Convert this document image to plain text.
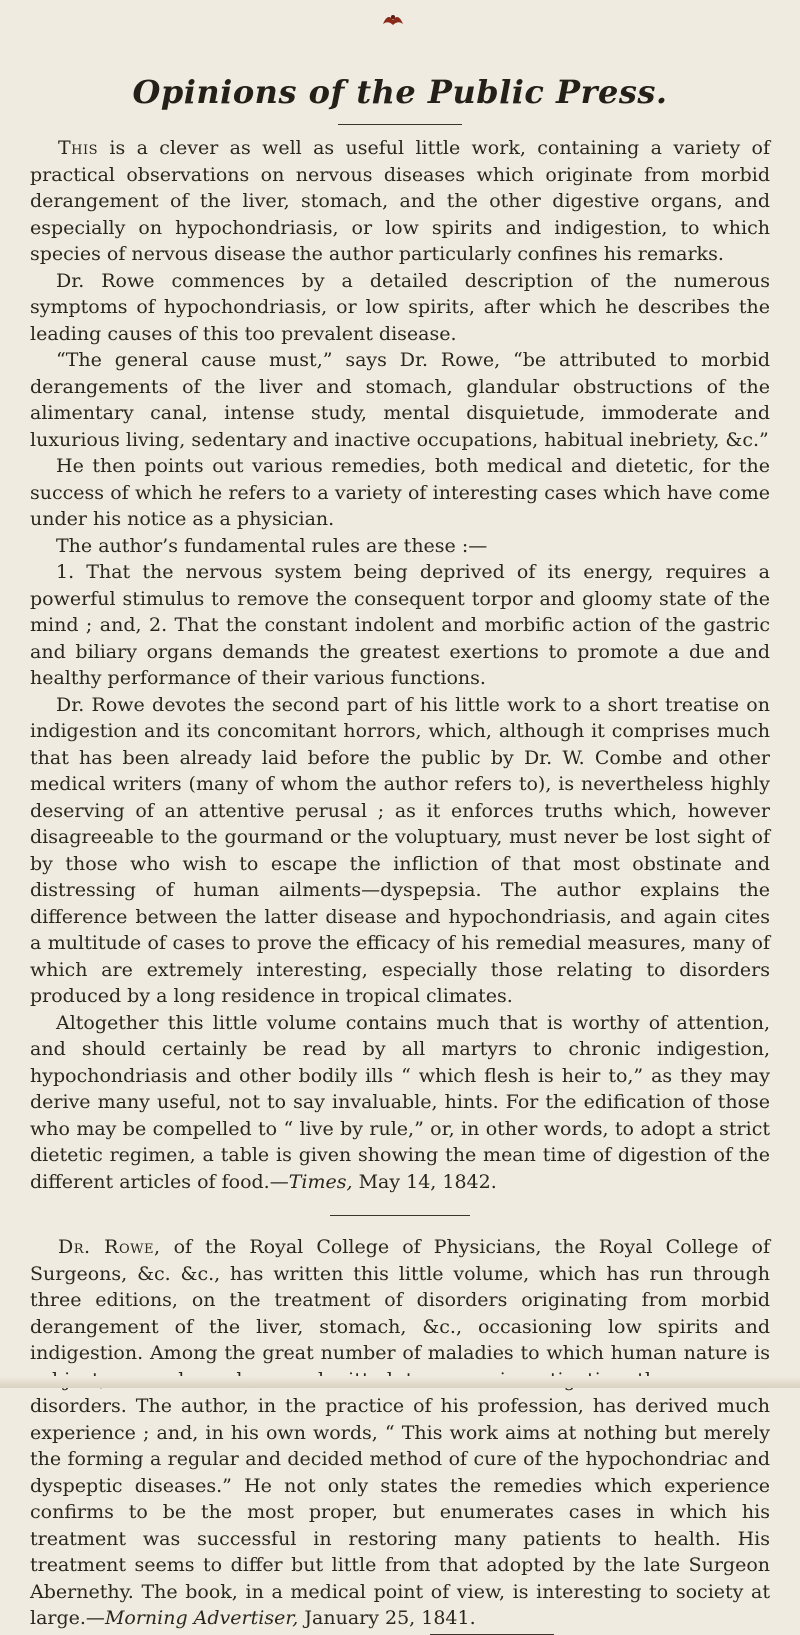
Opinions of the Public Press.

This is a clever as well as useful little work, containing a variety of practical observations on nervous diseases which originate from morbid derangement of the liver, stomach, and the other digestive organs, and especially on hypochondriasis, or low spirits and indigestion, to which species of nervous disease the author particularly confines his remarks.

Dr. Rowe commences by a detailed description of the numerous symptoms of hypochondriasis, or low spirits, after which he describes the leading causes of this too prevalent disease.

“The general cause must,” says Dr. Rowe, “be attributed to morbid derangements of the liver and stomach, glandular obstructions of the alimentary canal, intense study, mental disquietude, immoderate and luxurious living, sedentary and inactive occupations, habitual inebriety, &c.”

He then points out various remedies, both medical and dietetic, for the success of which he refers to a variety of interesting cases which have come under his notice as a physician.

The author’s fundamental rules are these :—

1. That the nervous system being deprived of its energy, requires a powerful stimulus to remove the consequent torpor and gloomy state of the mind ; and, 2. That the constant indolent and morbific action of the gastric and biliary organs demands the greatest exertions to promote a due and healthy performance of their various functions.

Dr. Rowe devotes the second part of his little work to a short treatise on indigestion and its concomitant horrors, which, although it comprises much that has been already laid before the public by Dr. W. Combe and other medical writers (many of whom the author refers to), is nevertheless highly deserving of an attentive perusal ; as it enforces truths which, however disagreeable to the gourmand or the voluptuary, must never be lost sight of by those who wish to escape the infliction of that most obstinate and distressing of human ailments—dyspepsia. The author explains the difference between the latter disease and hypochondriasis, and again cites a multitude of cases to prove the efficacy of his remedial measures, many of which are extremely interesting, especially those relating to disorders produced by a long residence in tropical climates.

Altogether this little volume contains much that is worthy of attention, and should certainly be read by all martyrs to chronic indigestion, hypochondriasis and other bodily ills “ which flesh is heir to,” as they may derive many useful, not to say invaluable, hints. For the edification of those who may be compelled to “ live by rule,” or, in other words, to adopt a strict dietetic regimen, a table is given showing the mean time of digestion of the different articles of food.—Times, May 14, 1842.

Dr. Rowe, of the Royal College of Physicians, the Royal College of Surgeons, &c. &c., has written this little volume, which has run through three editions, on the treatment of disorders originating from morbid derangement of the liver, stomach, &c., occasioning low spirits and indigestion. Among the great number of maladies to which human nature is disorders. The author, in the practice of his profession, has derived much experience ; and, in his own words, “ This work aims at nothing but merely the forming a regular and decided method of cure of the hypochondriac and dyspeptic diseases.” He not only states the remedies which experience confirms to be the most proper, but enumerates cases in which his treatment was successful in restoring many patients to health. His treatment seems to differ but little from that adopted by the late Surgeon Abernethy. The book, in a medical point of view, is interesting to society at large.—Morning Advertiser, January 25, 1841.
